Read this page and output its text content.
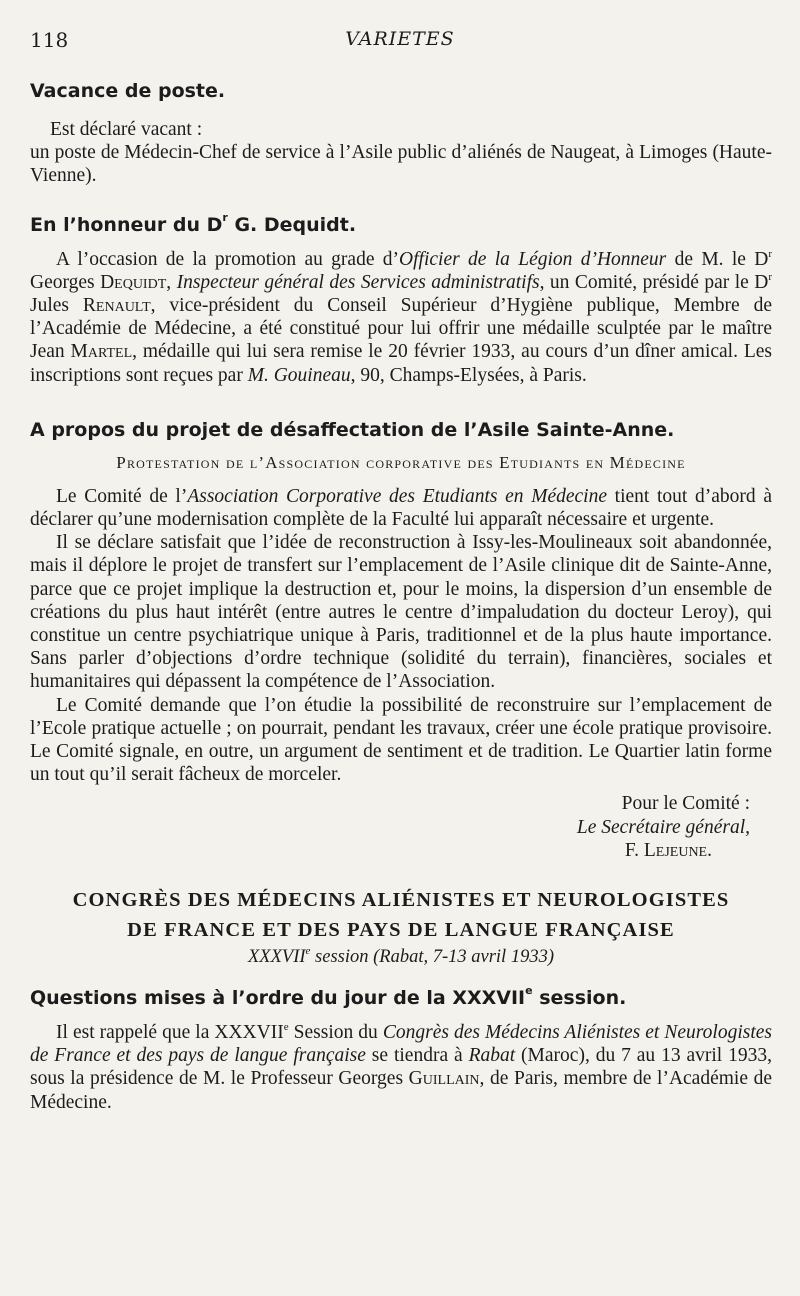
118	VARIETES
Vacance de poste.

Est déclaré vacant :

un poste de Médecin-Chef de service à l’Asile public d’aliénés de Naugeat, à Limoges (Haute-Vienne).

En l’honneur du $D^r$ G. Dequidt.

A l’occasion de la promotion au grade d’Officier de la Légion d’Honneur de M. le $D^r$ Georges Dequidt, Inspecteur général des Services administratifs, un Comité, présidé par le $D^r$ Jules Renault, vice-président du Conseil Supérieur d’Hygiène publique, Membre de l’Académie de Médecine, a été constitué pour lui offrir une médaille sculptée par le maître Jean Martel, médaille qui lui sera remise le 20 février 1933, au cours d’un dîner amical. Les inscriptions sont reçues par M. Gouineau, 90, Champs-Elysées, à Paris.

A propos du projet de désaffectation de l’Asile Sainte-Anne.

Protestation de l’Association corporative des Etudiants en Médecine

Le Comité de l’Association Corporative des Etudiants en Médecine tient tout d’abord à déclarer qu’une modernisation complète de la Faculté lui apparaît nécessaire et urgente.

Il se déclare satisfait que l’idée de reconstruction à Issy-les-Moulineaux soit abandonnée, mais il déplore le projet de transfert sur l’emplacement de l’Asile clinique dit de Sainte-Anne, parce que ce projet implique la destruction et, pour le moins, la dispersion d’un ensemble de créations du plus haut intérêt (entre autres le centre d’impaludation du docteur Leroy), qui constitue un centre psychiatrique unique à Paris, traditionnel et de la plus haute importance. Sans parler d’objections d’ordre technique (solidité du terrain), financières, sociales et humanitaires qui dépassent la compétence de l’Association.

Le Comité demande que l’on étudie la possibilité de reconstruire sur l’emplacement de l’Ecole pratique actuelle ; on pourrait, pendant les travaux, créer une école pratique provisoire. Le Comité signale, en outre, un argument de sentiment et de tradition. Le Quartier latin forme un tout qu’il serait fâcheux de morceler.

Pour le Comité :

Le Secrétaire général,

F. Lejeune.

CONGRÈS DES MÉDECINS ALIÉNISTES ET NEUROLOGISTES
DE FRANCE ET DES PAYS DE LANGUE FRANÇAISE

XXXVIIe session (Rabat, 7-13 avril 1933)

Questions mises à l’ordre du jour de la XXXVIIe session.

Il est rappelé que la XXXVIIe Session du Congrès des Médecins Aliénistes et Neurologistes de France et des pays de langue française se tiendra à Rabat (Maroc), du 7 au 13 avril 1933, sous la présidence de M. le Professeur Georges Guillain, de Paris, membre de l’Académie de Médecine.
